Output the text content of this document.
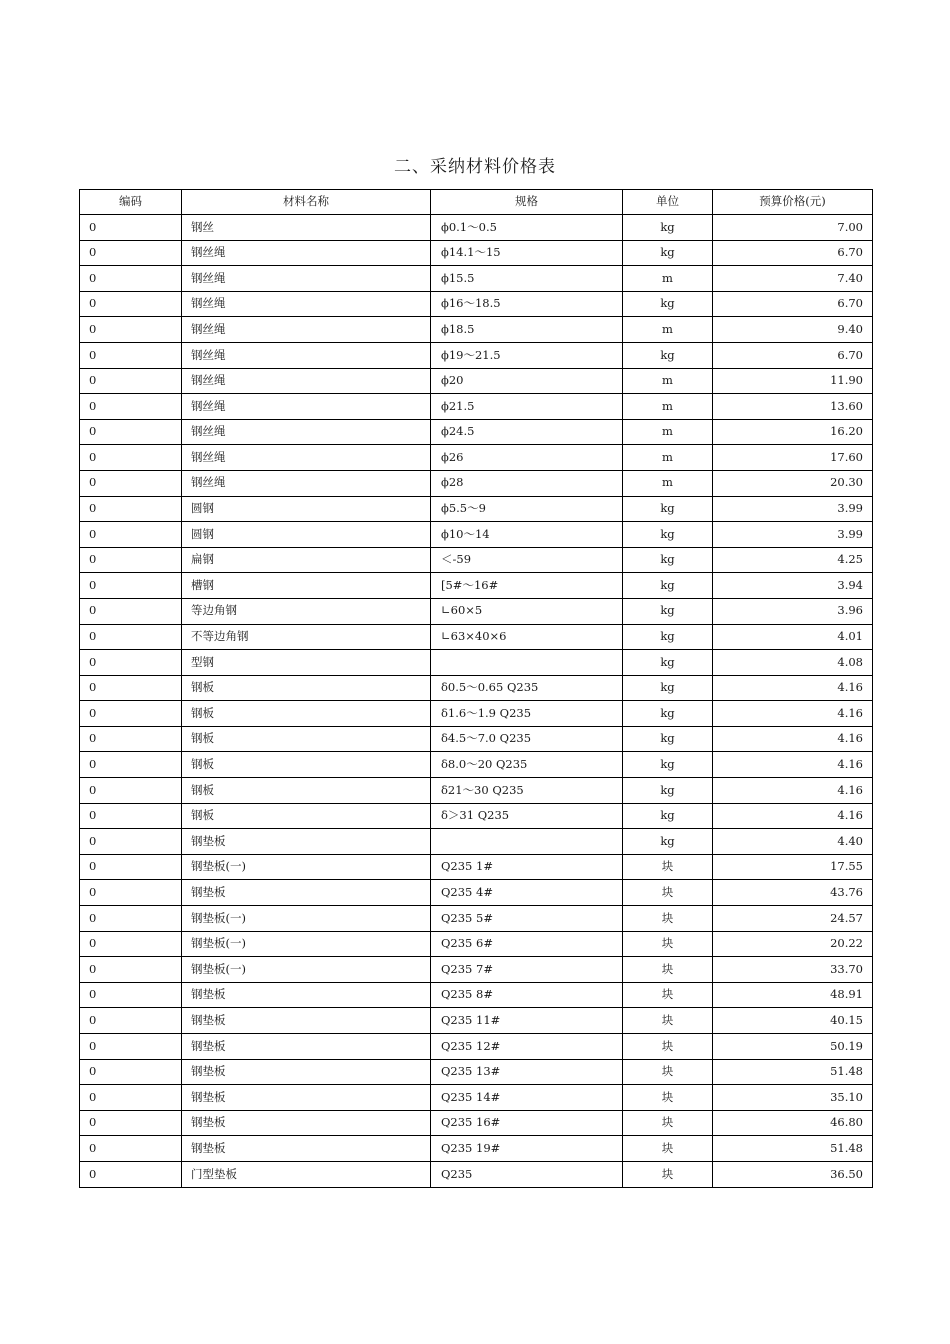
二、采纳材料价格表
编码	材料名称	规格	单位	预算价格(元)
0	钢丝	ϕ0.1～0.5	kg	7.00
0	钢丝绳	ϕ14.1～15	kg	6.70
0	钢丝绳	ϕ15.5	m	7.40
0	钢丝绳	ϕ16～18.5	kg	6.70
0	钢丝绳	ϕ18.5	m	9.40
0	钢丝绳	ϕ19～21.5	kg	6.70
0	钢丝绳	ϕ20	m	11.90
0	钢丝绳	ϕ21.5	m	13.60
0	钢丝绳	ϕ24.5	m	16.20
0	钢丝绳	ϕ26	m	17.60
0	钢丝绳	ϕ28	m	20.30
0	圆钢	ϕ5.5～9	kg	3.99
0	圆钢	ϕ10～14	kg	3.99
0	扁钢	＜-59	kg	4.25
0	槽钢	[5#～16#	kg	3.94
0	等边角钢	∟60×5	kg	3.96
0	不等边角钢	∟63×40×6	kg	4.01
0	型钢		kg	4.08
0	钢板	δ0.5～0.65 Q235	kg	4.16
0	钢板	δ1.6～1.9 Q235	kg	4.16
0	钢板	δ4.5～7.0 Q235	kg	4.16
0	钢板	δ8.0～20 Q235	kg	4.16
0	钢板	δ21～30 Q235	kg	4.16
0	钢板	δ＞31 Q235	kg	4.16
0	钢垫板		kg	4.40
0	钢垫板(一)	Q235 1#	块	17.55
0	钢垫板	Q235 4#	块	43.76
0	钢垫板(一)	Q235 5#	块	24.57
0	钢垫板(一)	Q235 6#	块	20.22
0	钢垫板(一)	Q235 7#	块	33.70
0	钢垫板	Q235 8#	块	48.91
0	钢垫板	Q235 11#	块	40.15
0	钢垫板	Q235 12#	块	50.19
0	钢垫板	Q235 13#	块	51.48
0	钢垫板	Q235 14#	块	35.10
0	钢垫板	Q235 16#	块	46.80
0	钢垫板	Q235 19#	块	51.48
0	门型垫板	Q235	块	36.50
